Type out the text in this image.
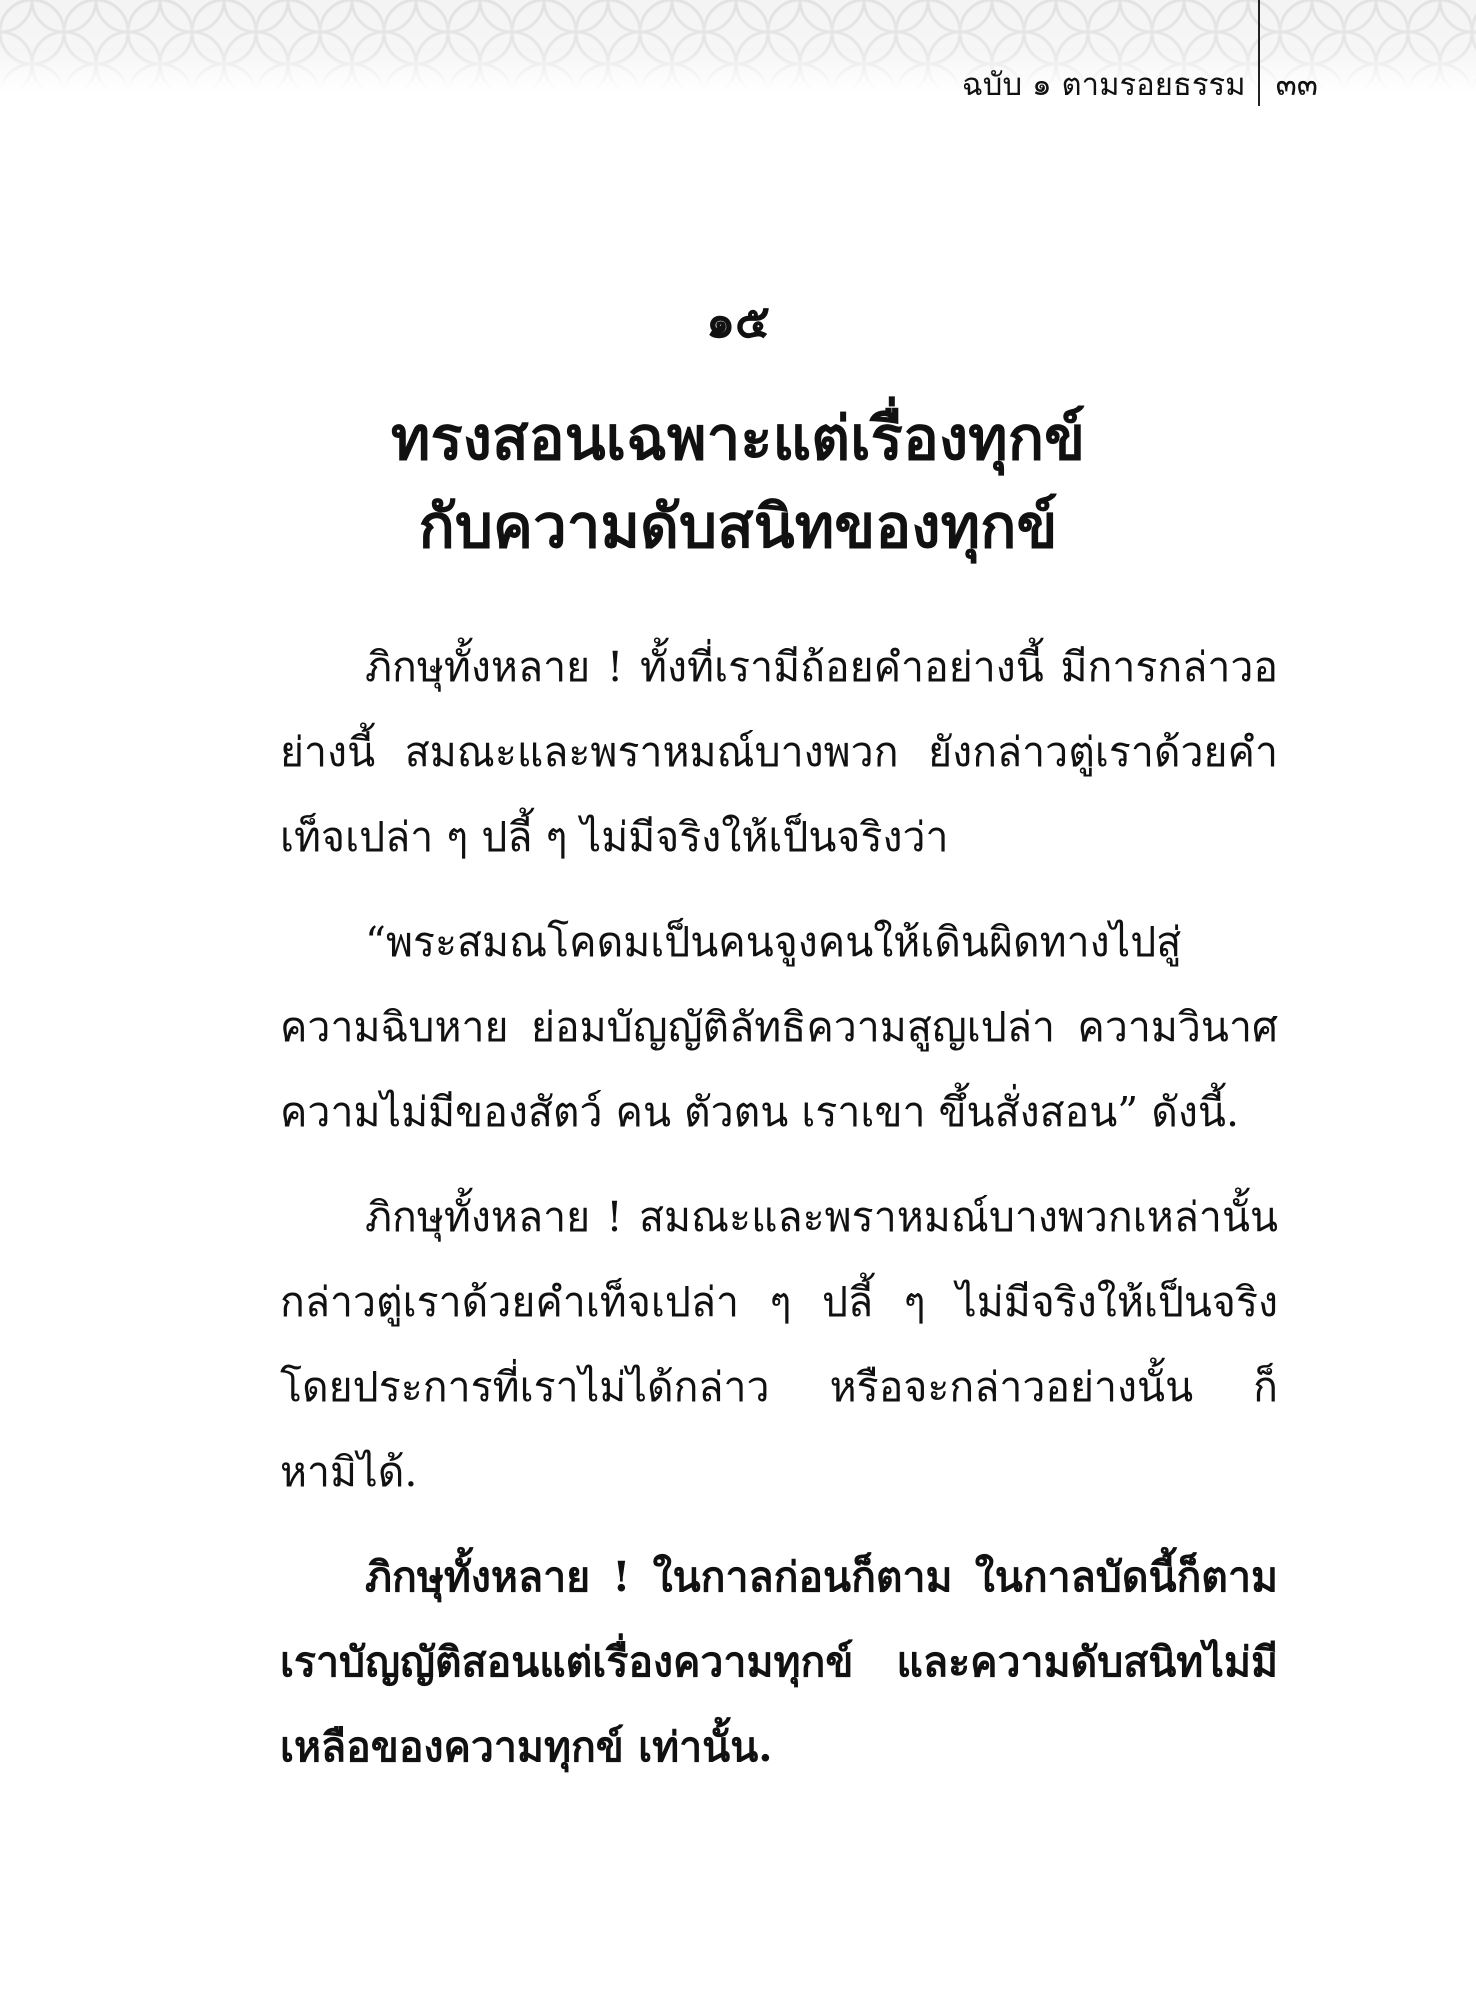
ฉบับ ๑ ตามรอยธรรม ๓๓
๑๕
ทรงสอนเฉพาะแต่เรื่องทุกข์
กับความดับสนิทของทุกข์

ภิกษุทั้งหลาย ! ทั้งที่เรามีถ้อยคำอย่างนี้ มีการกล่าวอย่างนี้ สมณะและพราหมณ์บางพวก ยังกล่าวตู่เราด้วยคำเท็จเปล่า ๆ ปลี้ ๆ ไม่มีจริงให้เป็นจริงว่า

“พระสมณโคดมเป็นคนจูงคนให้เดินผิดทางไปสู่ความฉิบหาย ย่อมบัญญัติลัทธิความสูญเปล่า ความวินาศความไม่มีของสัตว์ คน ตัวตน เราเขา ขึ้นสั่งสอน” ดังนี้.

ภิกษุทั้งหลาย ! สมณะและพราหมณ์บางพวกเหล่านั้นกล่าวตู่เราด้วยคำเท็จเปล่า ๆ ปลี้ ๆ ไม่มีจริงให้เป็นจริงโดยประการที่เราไม่ได้กล่าว หรือจะกล่าวอย่างนั้น ก็หามิได้.

ภิกษุทั้งหลาย ! ในกาลก่อนก็ตาม ในกาลบัดนี้ก็ตามเราบัญญัติสอนแต่เรื่องความทุกข์ และความดับสนิทไม่มีเหลือของความทุกข์ เท่านั้น.
